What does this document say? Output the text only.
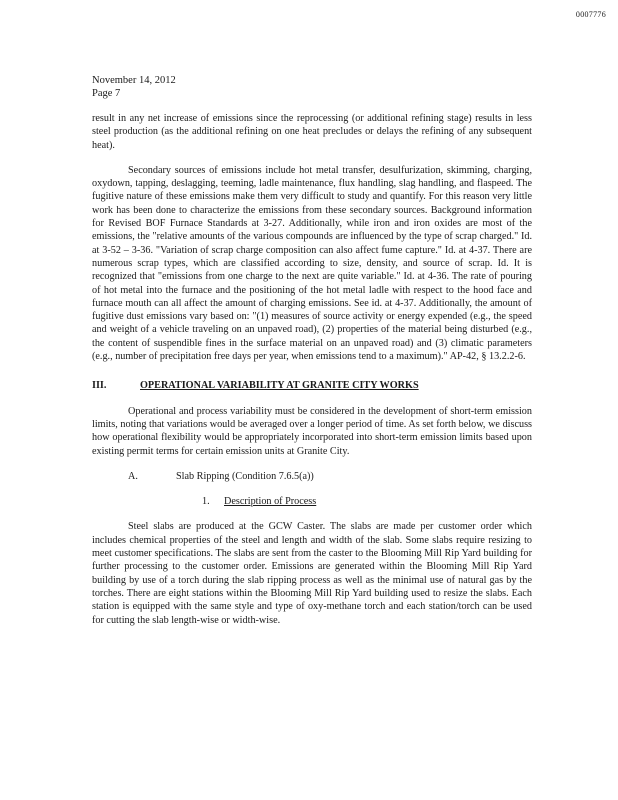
0007776
November 14, 2012
Page 7

result in any net increase of emissions since the reprocessing (or additional refining stage) results in less steel production (as the additional refining on one heat precludes or delays the refining of any subsequent heat).

Secondary sources of emissions include hot metal transfer, desulfurization, skimming, charging, oxydown, tapping, deslagging, teeming, ladle maintenance, flux handling, slag handling, and flaspeed. The fugitive nature of these emissions make them very difficult to study and quantify. For this reason very little work has been done to characterize the emissions from these secondary sources. Background information for Revised BOF Furnace Standards at 3-27. Additionally, while iron and iron oxides are most of the emissions, the "relative amounts of the various compounds are influenced by the type of scrap charged." Id. at 3-52 – 3-36. "Variation of scrap charge composition can also affect fume capture." Id. at 4-37. There are numerous scrap types, which are classified according to size, density, and source of scrap. Id. It is recognized that "emissions from one charge to the next are quite variable." Id. at 4-36. The rate of pouring of hot metal into the furnace and the positioning of the hot metal ladle with respect to the hood face and furnace mouth can all affect the amount of charging emissions. See id. at 4-37. Additionally, the amount of fugitive dust emissions vary based on: "(1) measures of source activity or energy expended (e.g., the speed and weight of a vehicle traveling on an unpaved road), (2) properties of the material being disturbed (e.g., the content of suspendible fines in the surface material on an unpaved road) and (3) climatic parameters (e.g., number of precipitation free days per year, when emissions tend to a maximum)." AP-42, § 13.2.2-6.

III.	OPERATIONAL VARIABILITY AT GRANITE CITY WORKS

Operational and process variability must be considered in the development of short-term emission limits, noting that variations would be averaged over a longer period of time. As set forth below, we discuss how operational flexibility would be appropriately incorporated into short-term emission limits based upon existing permit terms for certain emission units at Granite City.

A.	Slab Ripping (Condition 7.6.5(a))
1.	Description of Process

Steel slabs are produced at the GCW Caster. The slabs are made per customer order which includes chemical properties of the steel and length and width of the slab. Some slabs require resizing to meet customer specifications. The slabs are sent from the caster to the Blooming Mill Rip Yard building for further processing to the customer order. Emissions are generated within the Blooming Mill Rip Yard building by use of a torch during the slab ripping process as well as the minimal use of natural gas by the torches. There are eight stations within the Blooming Mill Rip Yard building used to resize the slabs. Each station is equipped with the same style and type of oxy-methane torch and each station/torch can be used for cutting the slab length-wise or width-wise.
